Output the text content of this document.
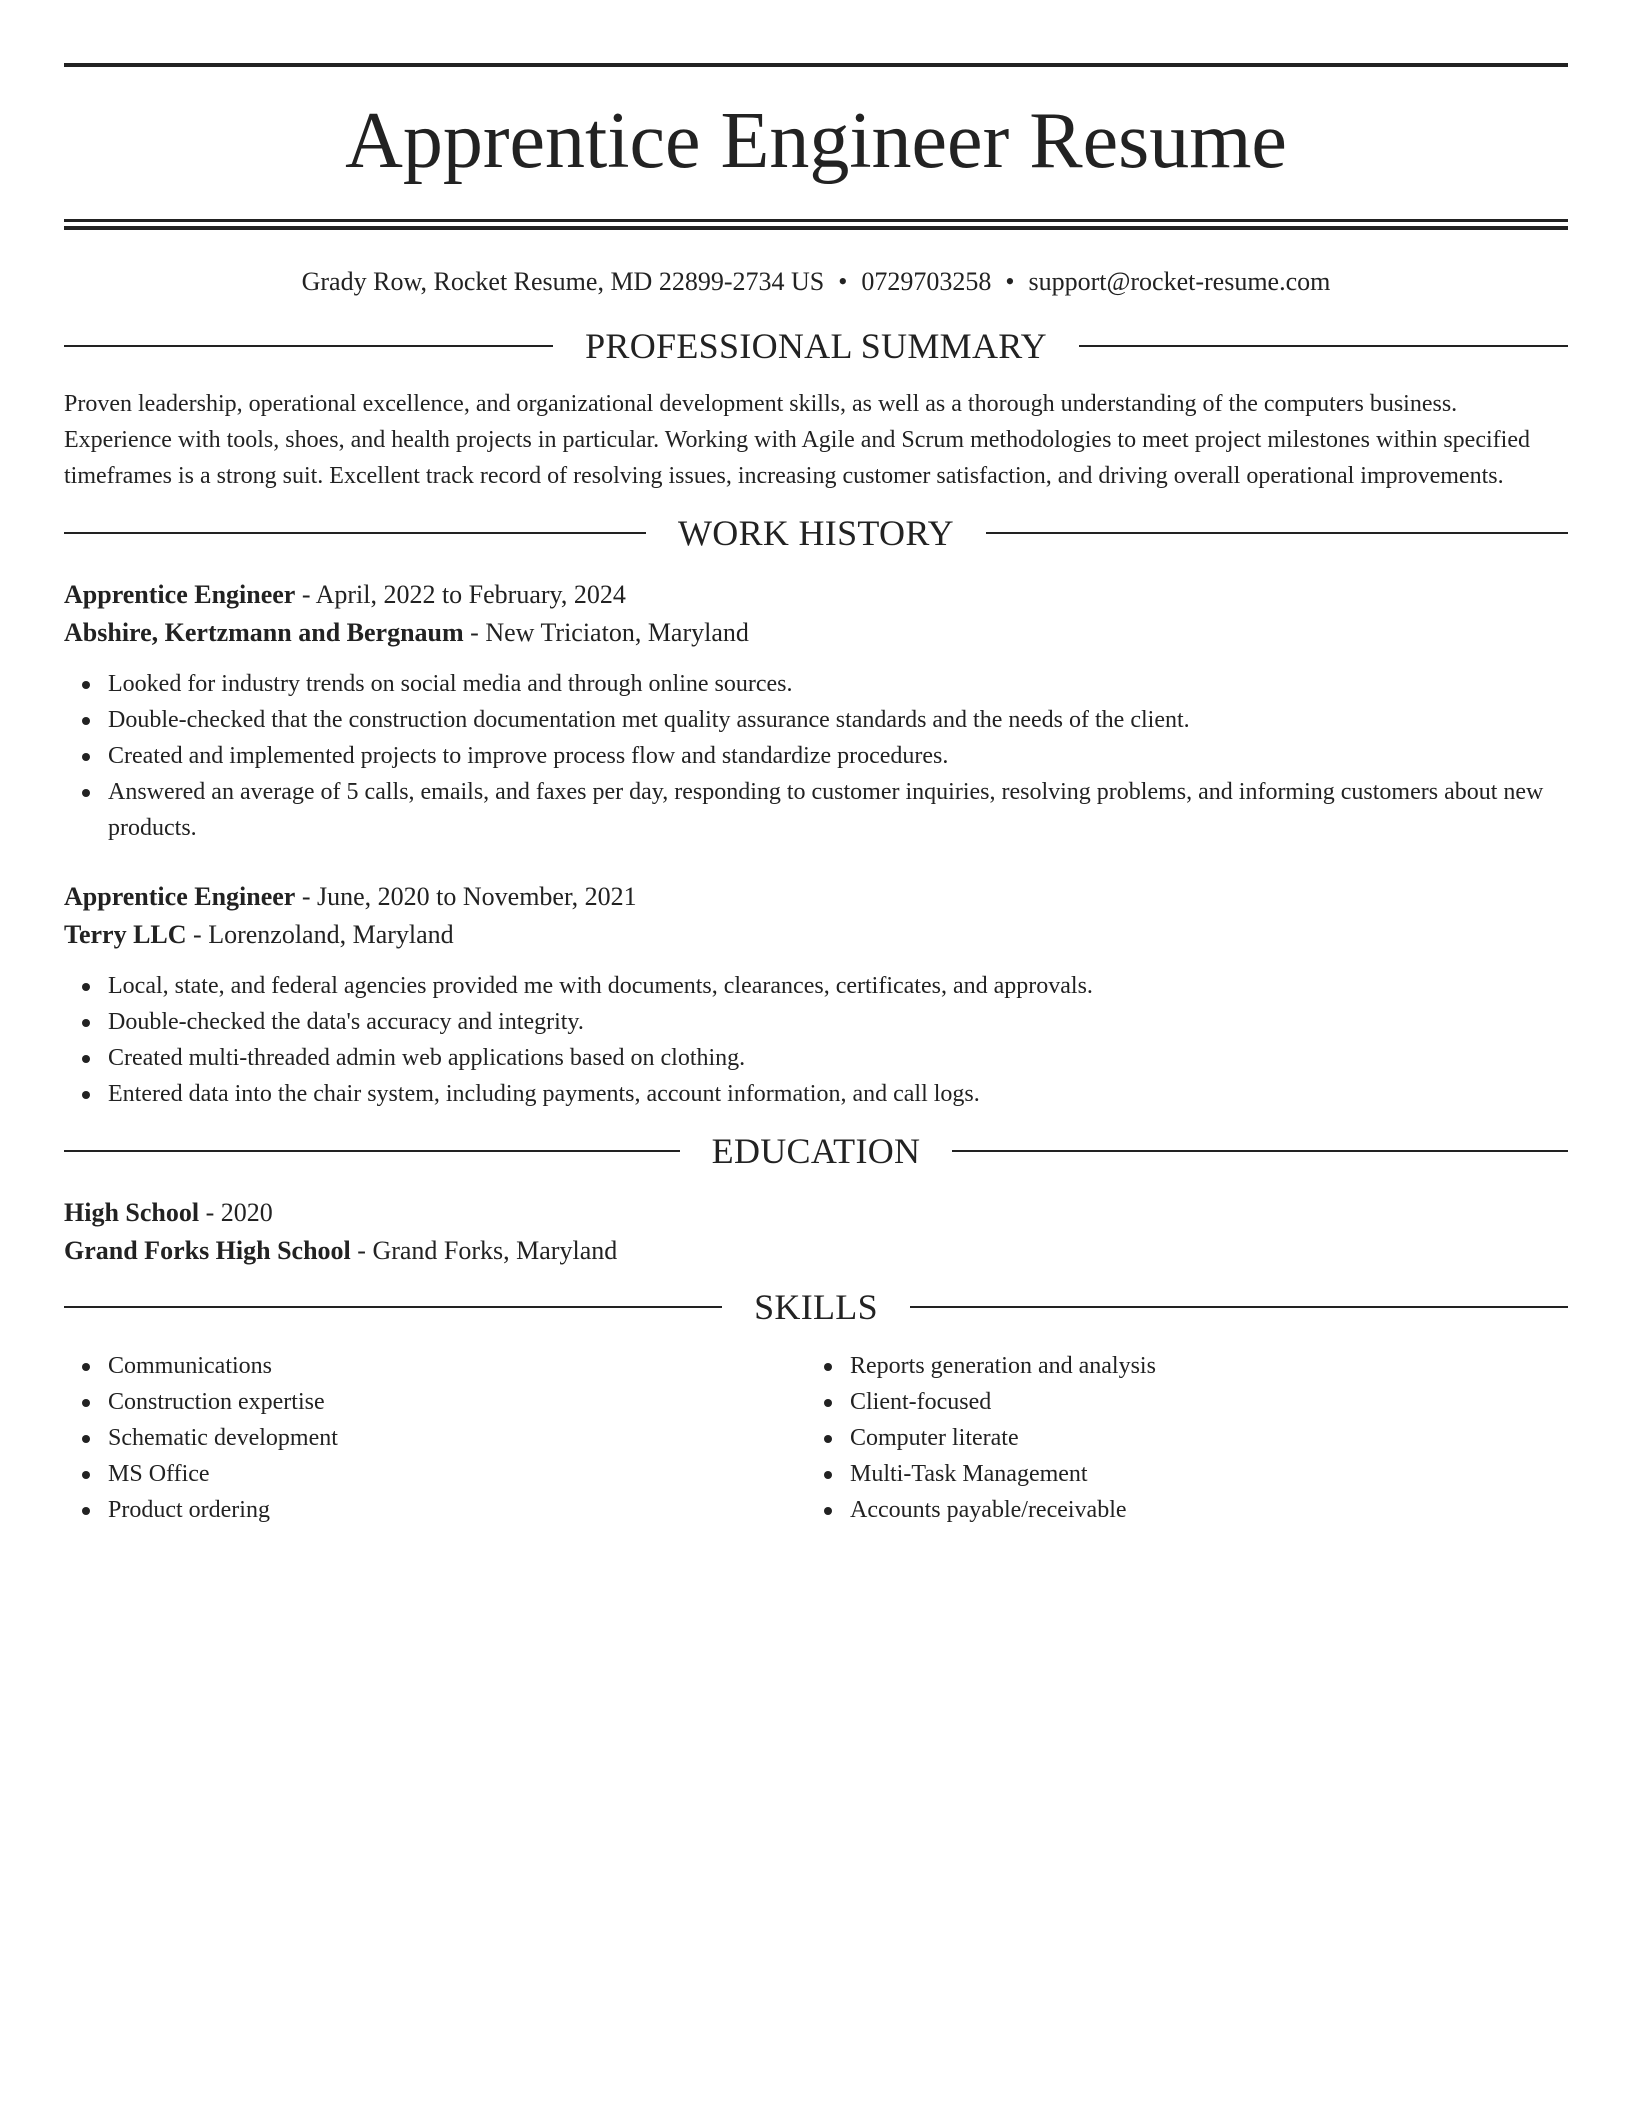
Apprentice Engineer Resume
Grady Row, Rocket Resume, MD 22899-2734 US • 0729703258 • support@rocket-resume.com
PROFESSIONAL SUMMARY

Proven leadership, operational excellence, and organizational development skills, as well as a thorough understanding of the computers business. Experience with tools, shoes, and health projects in particular. Working with Agile and Scrum methodologies to meet project milestones within specified timeframes is a strong suit. Excellent track record of resolving issues, increasing customer satisfaction, and driving overall operational improvements.

WORK HISTORY
Apprentice Engineer - April, 2022 to February, 2024
Abshire, Kertzmann and Bergnaum - New Triciaton, Maryland
Looked for industry trends on social media and through online sources.
Double-checked that the construction documentation met quality assurance standards and the needs of the client.
Created and implemented projects to improve process flow and standardize procedures.
Answered an average of 5 calls, emails, and faxes per day, responding to customer inquiries, resolving problems, and informing customers about new products.
Apprentice Engineer - June, 2020 to November, 2021
Terry LLC - Lorenzoland, Maryland
Local, state, and federal agencies provided me with documents, clearances, certificates, and approvals.
Double-checked the data's accuracy and integrity.
Created multi-threaded admin web applications based on clothing.
Entered data into the chair system, including payments, account information, and call logs.
EDUCATION
High School - 2020
Grand Forks High School - Grand Forks, Maryland
SKILLS
Communications
Construction expertise
Schematic development
MS Office
Product ordering
Reports generation and analysis
Client-focused
Computer literate
Multi-Task Management
Accounts payable/receivable
